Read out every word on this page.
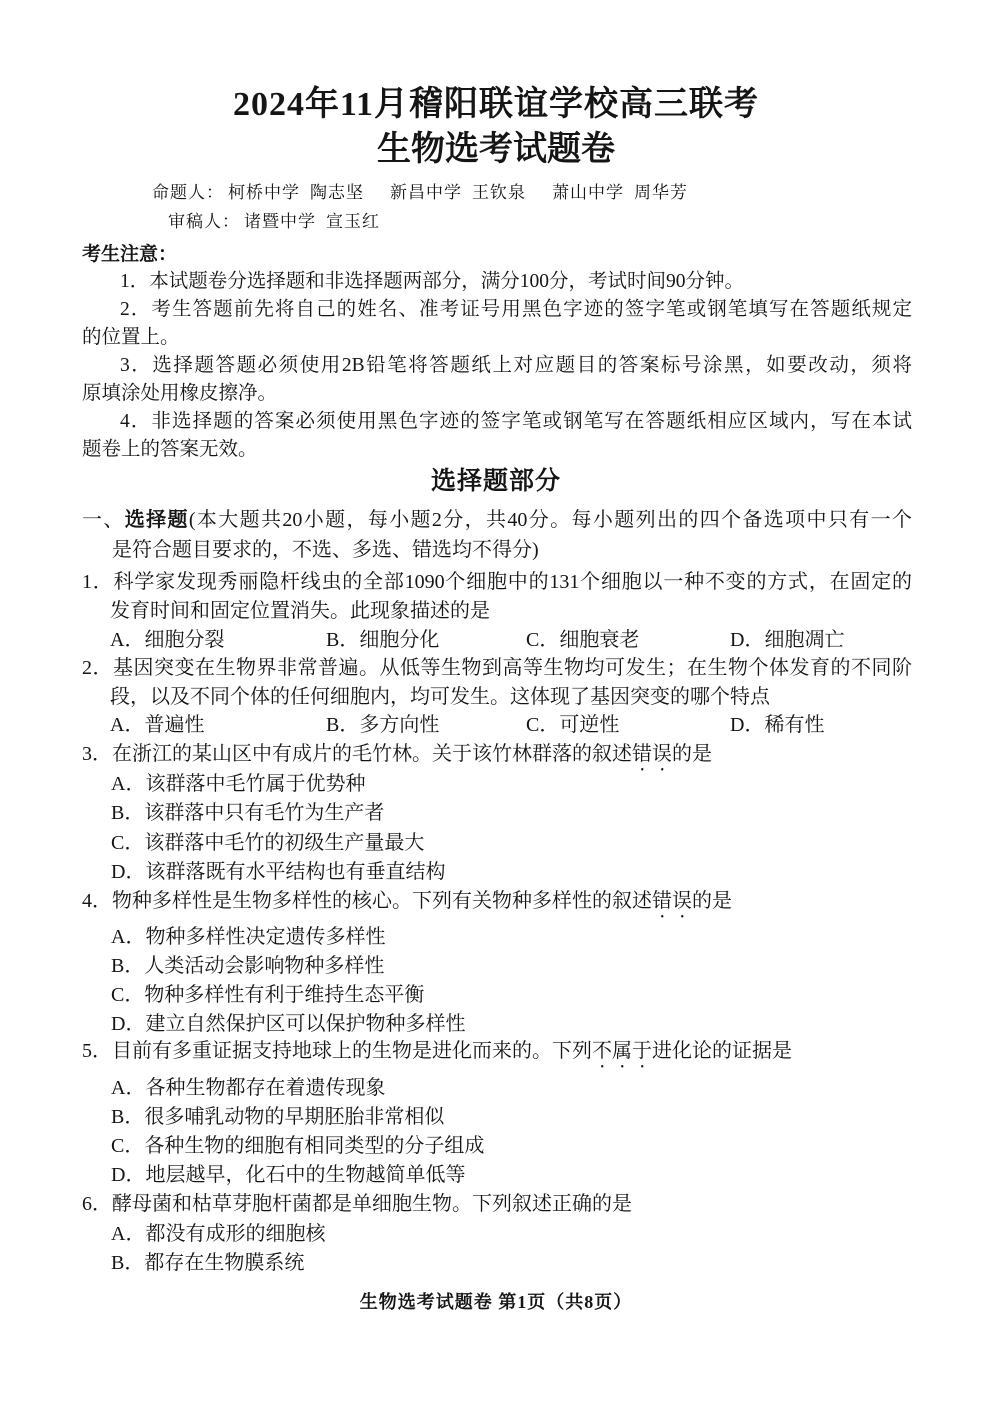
2024年11月稽阳联谊学校高三联考
生物选考试题卷
命题人： 柯桥中学 陶志坚 新昌中学 王钦泉 萧山中学 周华芳
审稿人： 诸暨中学 宣玉红
考生注意：
1．本试题卷分选择题和非选择题两部分，满分100分，考试时间90分钟。
2．考生答题前先将自己的姓名、准考证号用黑色字迹的签字笔或钢笔填写在答题纸规定
的位置上。
3．选择题答题必须使用2B铅笔将答题纸上对应题目的答案标号涂黑，如要改动，须将
原填涂处用橡皮擦净。
4．非选择题的答案必须使用黑色字迹的签字笔或钢笔写在答题纸相应区域内，写在本试
题卷上的答案无效。
选择题部分
一、选择题(本大题共20小题，每小题2分，共40分。每小题列出的四个备选项中只有一个
是符合题目要求的，不选、多选、错选均不得分)
1．科学家发现秀丽隐杆线虫的全部1090个细胞中的131个细胞以一种不变的方式，在固定的
发育时间和固定位置消失。此现象描述的是
A．细胞分裂	B．细胞分化	C．细胞衰老	D．细胞凋亡
2．基因突变在生物界非常普遍。从低等生物到高等生物均可发生；在生物个体发育的不同阶
段，以及不同个体的任何细胞内，均可发生。这体现了基因突变的哪个特点
A．普遍性	B．多方向性	C．可逆性	D．稀有性
3．在浙江的某山区中有成片的毛竹林。关于该竹林群落的叙述错误的是
A．该群落中毛竹属于优势种
B．该群落中只有毛竹为生产者
C．该群落中毛竹的初级生产量最大
D．该群落既有水平结构也有垂直结构
4．物种多样性是生物多样性的核心。下列有关物种多样性的叙述错误的是
A．物种多样性决定遗传多样性
B．人类活动会影响物种多样性
C．物种多样性有利于维持生态平衡
D．建立自然保护区可以保护物种多样性
5．目前有多重证据支持地球上的生物是进化而来的。下列不属于进化论的证据是
A．各种生物都存在着遗传现象
B．很多哺乳动物的早期胚胎非常相似
C．各种生物的细胞有相同类型的分子组成
D．地层越早，化石中的生物越简单低等
6．酵母菌和枯草芽胞杆菌都是单细胞生物。下列叙述正确的是
A．都没有成形的细胞核
B．都存在生物膜系统
生物选考试题卷 第1页（共8页）
